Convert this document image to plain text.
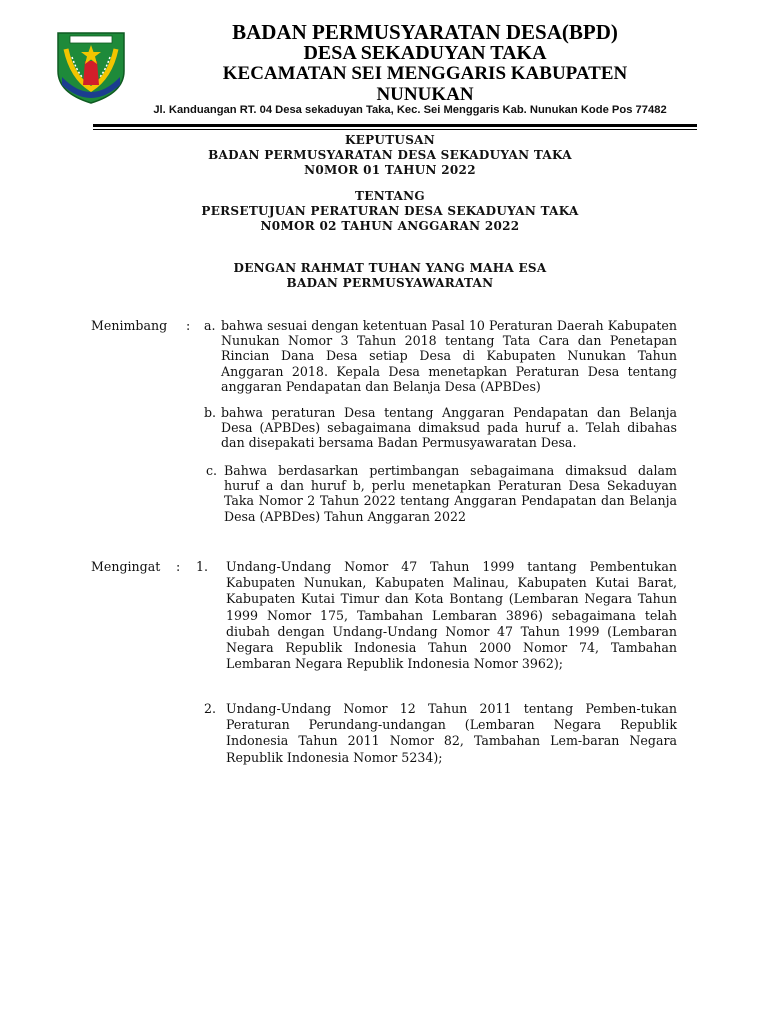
BADAN PERMUSYARATAN DESA(BPD)
DESA SEKADUYAN TAKA
KECAMATAN SEI MENGGARIS KABUPATEN
NUNUKAN
Jl. Kanduangan RT. 04 Desa sekaduyan Taka, Kec. Sei Menggaris Kab. Nunukan Kode Pos 77482
KEPUTUSAN
BADAN PERMUSYARATAN DESA SEKADUYAN TAKA
N0MOR 01 TAHUN 2022
TENTANG
PERSETUJUAN PERATURAN DESA SEKADUYAN TAKA
N0MOR 02 TAHUN ANGGARAN 2022
DENGAN RAHMAT TUHAN YANG MAHA ESA
BADAN PERMUSYAWARATAN
Menimbang : a. bahwa sesuai dengan ketentuan Pasal 10 Peraturan Daerah Kabupaten Nunukan Nomor 3 Tahun 2018 tentang Tata Cara dan Penetapan Rincian Dana Desa setiap Desa di Kabupaten Nunukan Tahun Anggaran 2018. Kepala Desa menetapkan Peraturan Desa tentang anggaran Pendapatan dan Belanja Desa (APBDes)
b. bahwa peraturan Desa tentang Anggaran Pendapatan dan Belanja Desa (APBDes) sebagaimana dimaksud pada huruf a. Telah dibahas dan disepakati bersama Badan Permusyawaratan Desa.
c. Bahwa berdasarkan pertimbangan sebagaimana dimaksud dalam huruf a dan huruf b, perlu menetapkan Peraturan Desa Sekaduyan Taka Nomor 2 Tahun 2022 tentang Anggaran Pendapatan dan Belanja Desa (APBDes) Tahun Anggaran 2022
Mengingat : 1. Undang-Undang Nomor 47 Tahun 1999 tantang Pembentukan Kabupaten Nunukan, Kabupaten Malinau, Kabupaten Kutai Barat, Kabupaten Kutai Timur dan Kota Bontang (Lembaran Negara Tahun 1999 Nomor 175, Tambahan Lembaran 3896) sebagaimana telah diubah dengan Undang-Undang Nomor 47 Tahun 1999 (Lembaran Negara Republik Indonesia Tahun 2000 Nomor 74, Tambahan Lembaran Negara Republik Indonesia Nomor 3962);
2. Undang-Undang Nomor 12 Tahun 2011 tentang Pemben-tukan Peraturan Perundang-undangan (Lembaran Negara Republik Indonesia Tahun 2011 Nomor 82, Tambahan Lem-baran Negara Republik Indonesia Nomor 5234);
